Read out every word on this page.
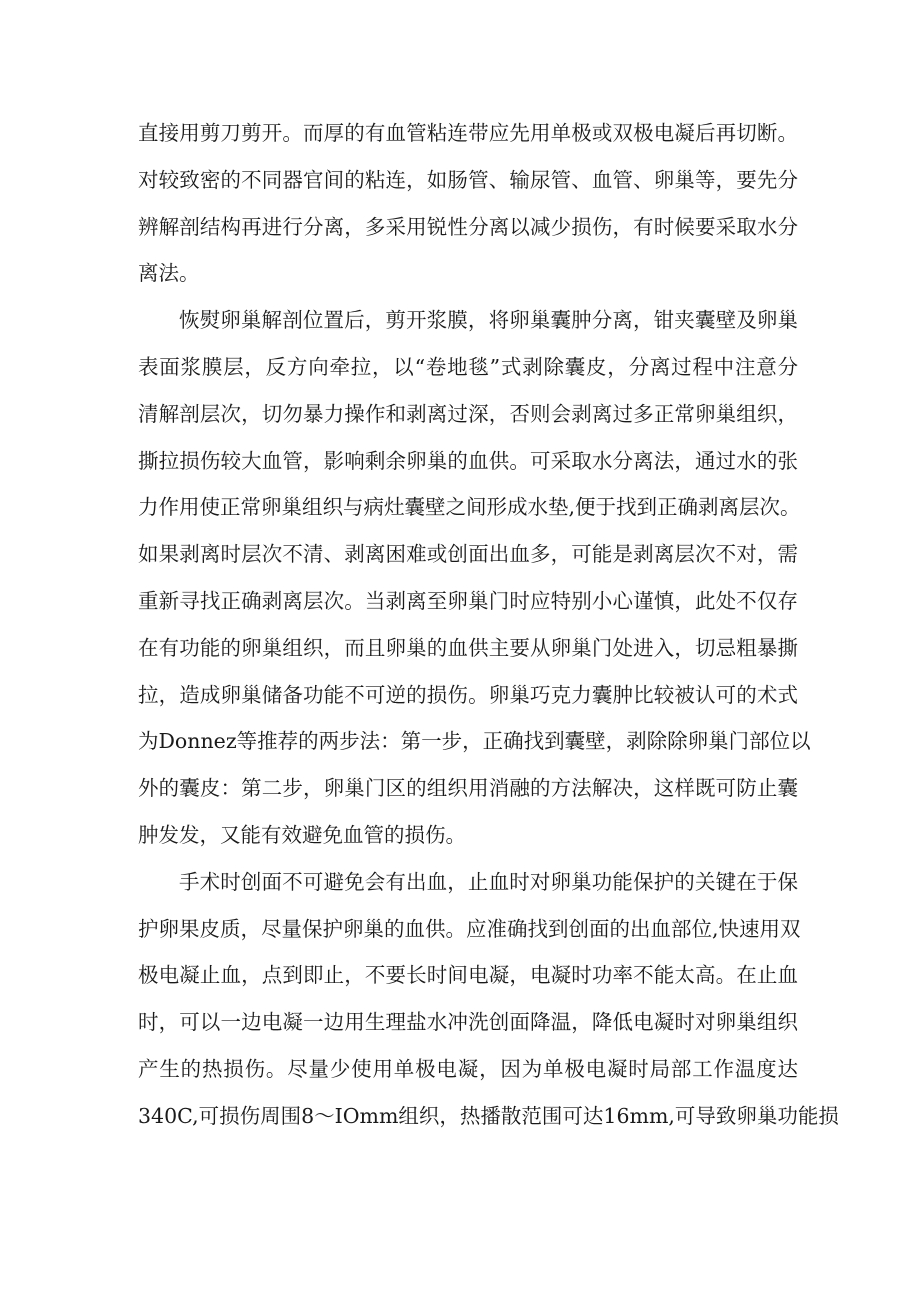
直接用剪刀剪开。而厚的有血管粘连带应先用单极或双极电凝后再切断。
对较致密的不同器官间的粘连，如肠管、输尿管、血管、卵巢等，要先分
辨解剖结构再进行分离，多采用锐性分离以减少损伤，有时候要采取水分
离法。
恢熨卵巢解剖位置后，剪开浆膜，将卵巢囊肿分离，钳夹囊壁及卵巢
表面浆膜层，反方向牵拉，以“卷地毯”式剥除囊皮，分离过程中注意分
清解剖层次，切勿暴力操作和剥离过深，否则会剥离过多正常卵巢组织，
撕拉损伤较大血管，影响剩余卵巢的血供。可采取水分离法，通过水的张
力作用使正常卵巢组织与病灶囊壁之间形成水垫,便于找到正确剥离层次。
如果剥离时层次不清、剥离困难或创面出血多，可能是剥离层次不对，需
重新寻找正确剥离层次。当剥离至卵巢门时应特别小心谨慎，此处不仅存
在有功能的卵巢组织，而且卵巢的血供主要从卵巢门处进入，切忌粗暴撕
拉，造成卵巢储备功能不可逆的损伤。卵巢巧克力囊肿比较被认可的术式
为Donnez等推荐的两步法：第一步，正确找到囊壁，剥除除卵巢门部位以
外的囊皮：第二步，卵巢门区的组织用消融的方法解决，这样既可防止囊
肿发发，又能有效避免血管的损伤。
手术时创面不可避免会有出血，止血时对卵巢功能保护的关键在于保
护卵果皮质，尽量保护卵巢的血供。应准确找到创面的出血部位,快速用双
极电凝止血，点到即止，不要长时间电凝，电凝时功率不能太高。在止血
时，可以一边电凝一边用生理盐水冲洗创面降温，降低电凝时对卵巢组织
产生的热损伤。尽量少使用单极电凝，因为单极电凝时局部工作温度达
340C,可损伤周围8～IOmm组织，热播散范围可达16mm,可导致卵巢功能损
